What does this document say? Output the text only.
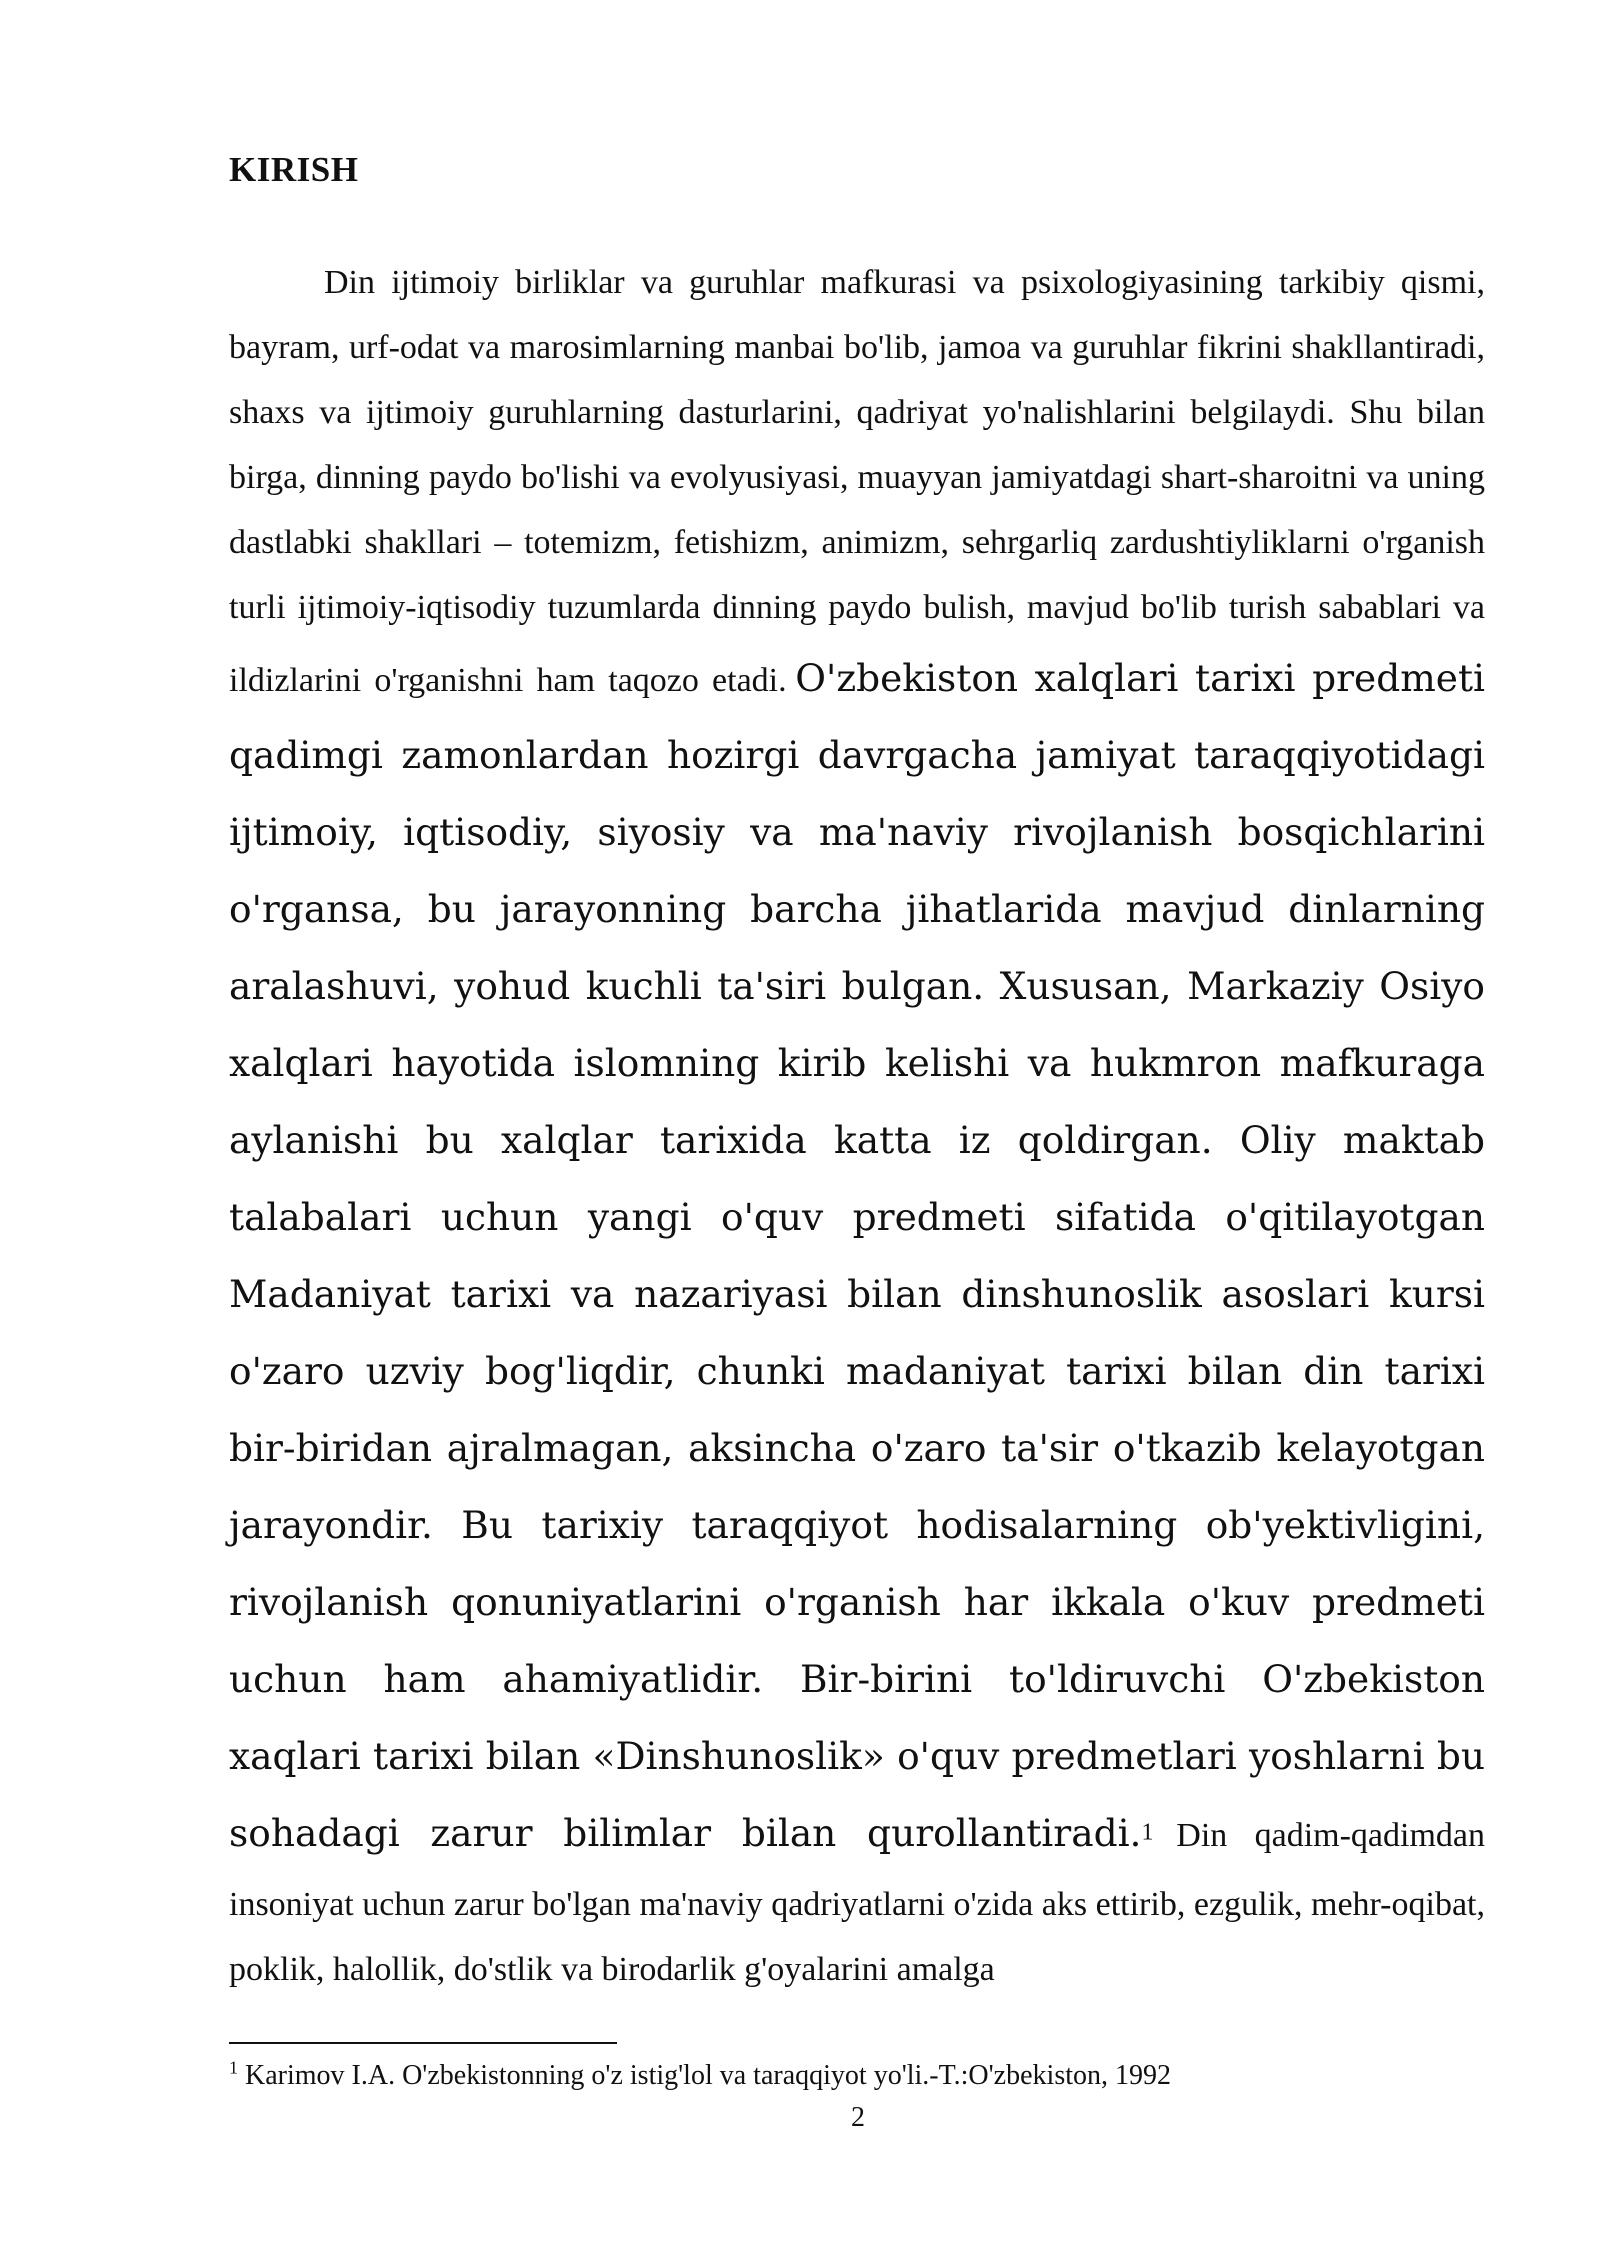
KIRISH

Din ijtimoiy birliklar va guruhlar mafkurasi va psixologiyasining tarkibiy qismi, bayram, urf-odat va marosimlarning manbai bo'lib, jamoa va guruhlar fikrini shakllantiradi, shaxs va ijtimoiy guruhlarning dasturlarini, qadriyat yo'nalishlarini belgilaydi. Shu bilan birga, dinning paydo bo'lishi va evolyusiyasi, muayyan jamiyatdagi shart-sharoitni va uning dastlabki shakllari – totemizm, fetishizm, animizm, sehrgarliq zardushtiyliklarni o'rganish turli ijtimoiy-iqtisodiy tuzumlarda dinning paydo bulish, mavjud bo'lib turish sabablari va ildizlarini o'rganishni ham taqozo etadi. O'zbekiston xalqlari tarixi predmeti qadimgi zamonlardan hozirgi davrgacha jamiyat taraqqiyotidagi ijtimoiy, iqtisodiy, siyosiy va ma'naviy rivojlanish bosqichlarini o'rgansa, bu jarayonning barcha jihatlarida mavjud dinlarning aralashuvi, yohud kuchli ta'siri bulgan. Xususan, Markaziy Osiyo xalqlari hayotida islomning kirib kelishi va hukmron mafkuraga aylanishi bu xalqlar tarixida katta iz qoldirgan. Oliy maktab talabalari uchun yangi o'quv predmeti sifatida o'qitilayotgan Madaniyat tarixi va nazariyasi bilan dinshunoslik asoslari kursi o'zaro uzviy bog'liqdir, chunki madaniyat tarixi bilan din tarixi bir-biridan ajralmagan, aksincha o'zaro ta'sir o'tkazib kelayotgan jarayondir. Bu tarixiy taraqqiyot hodisalarning ob'yektivligini, rivojlanish qonuniyatlarini o'rganish har ikkala o'kuv predmeti uchun ham ahamiyatlidir. Bir-birini to'ldiruvchi O'zbekiston xaqlari tarixi bilan «Dinshunoslik» o'quv predmetlari yoshlarni bu sohadagi zarur bilimlar bilan qurollantiradi.1 Din qadim-qadimdan insoniyat uchun zarur bo'lgan ma'naviy qadriyatlarni o'zida aks ettirib, ezgulik, mehr-oqibat, poklik, halollik, do'stlik va birodarlik g'oyalarini amalga

$^1$ Karimov I.A. O'zbekistonning o'z istig'lol va taraqqiyot yo'li.-T.:O'zbekiston, 1992

2
